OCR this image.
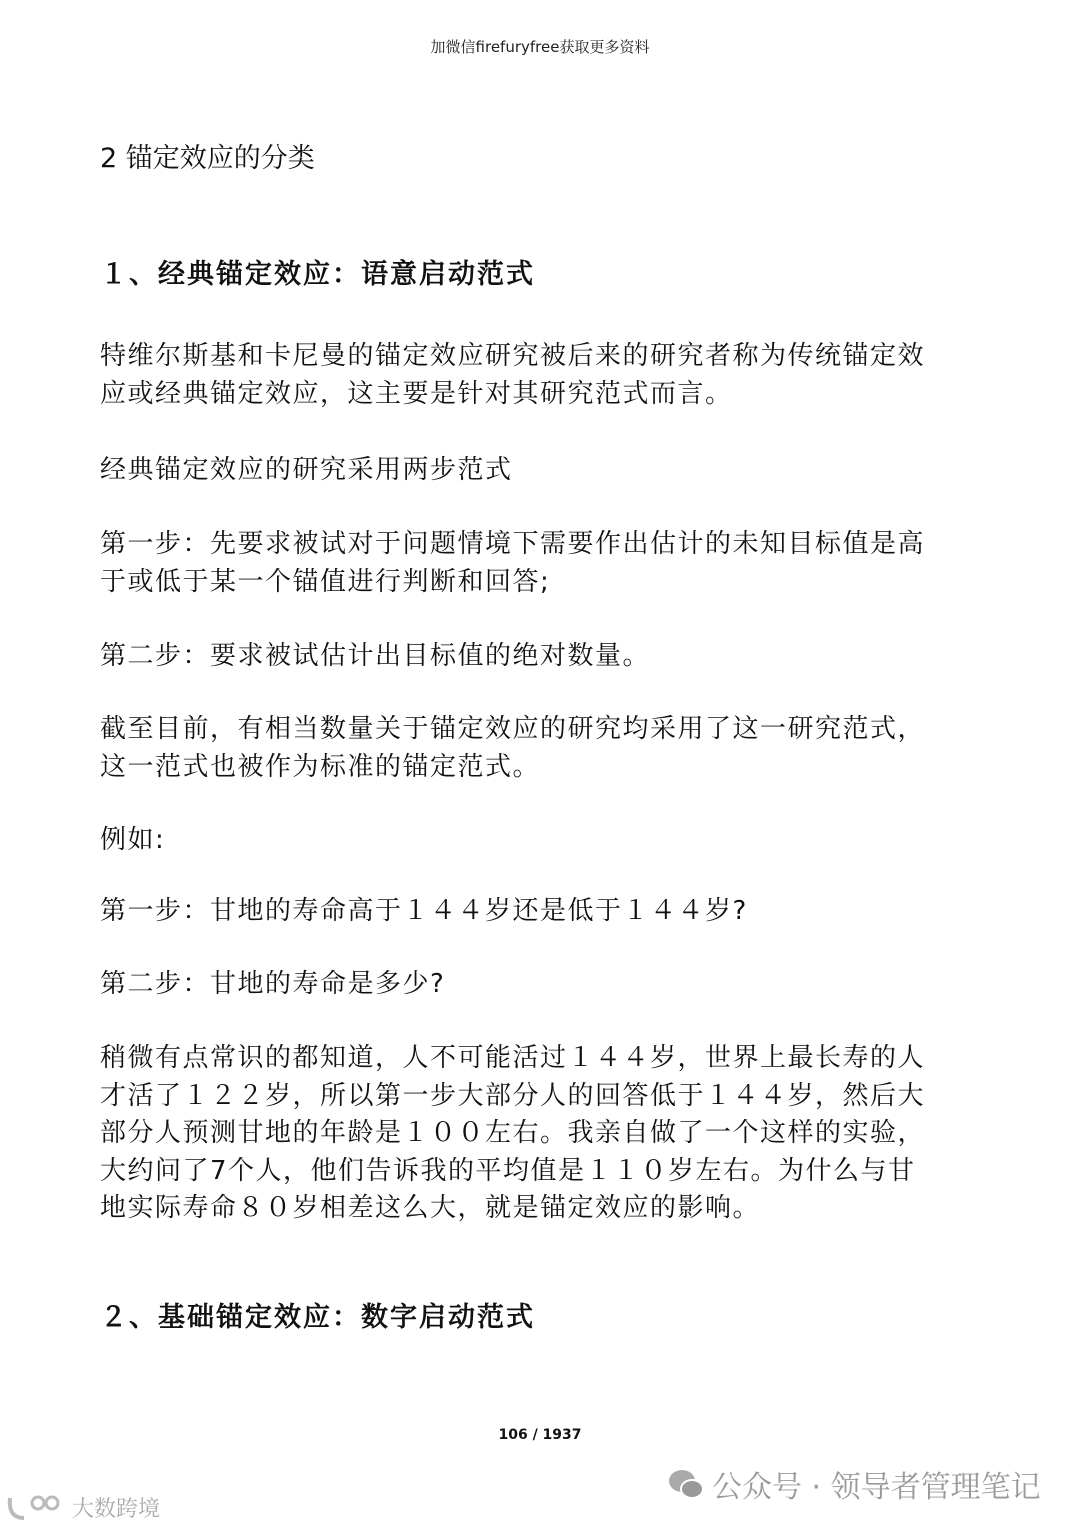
加微信firefuryfree获取更多资料
2 锚定效应的分类
１、经典锚定效应：语意启动范式
特维尔斯基和卡尼曼的锚定效应研究被后来的研究者称为传统锚定效
应或经典锚定效应，这主要是针对其研究范式而言。
经典锚定效应的研究采用两步范式
第一步：先要求被试对于问题情境下需要作出估计的未知目标值是高
于或低于某一个锚值进行判断和回答;
第二步：要求被试估计出目标值的绝对数量。
截至目前，有相当数量关于锚定效应的研究均采用了这一研究范式，
这一范式也被作为标准的锚定范式。
例如:
第一步：甘地的寿命高于１４４岁还是低于１４４岁?
第二步：甘地的寿命是多少?
稍微有点常识的都知道，人不可能活过１４４岁，世界上最长寿的人
才活了１２２岁，所以第一步大部分人的回答低于１４４岁，然后大
部分人预测甘地的年龄是１００左右。我亲自做了一个这样的实验，
大约问了7个人，他们告诉我的平均值是１１０岁左右。为什么与甘
地实际寿命８０岁相差这么大，就是锚定效应的影响。
２、基础锚定效应：数字启动范式
106 / 1937
公众号 · 领导者管理笔记
大数跨境
